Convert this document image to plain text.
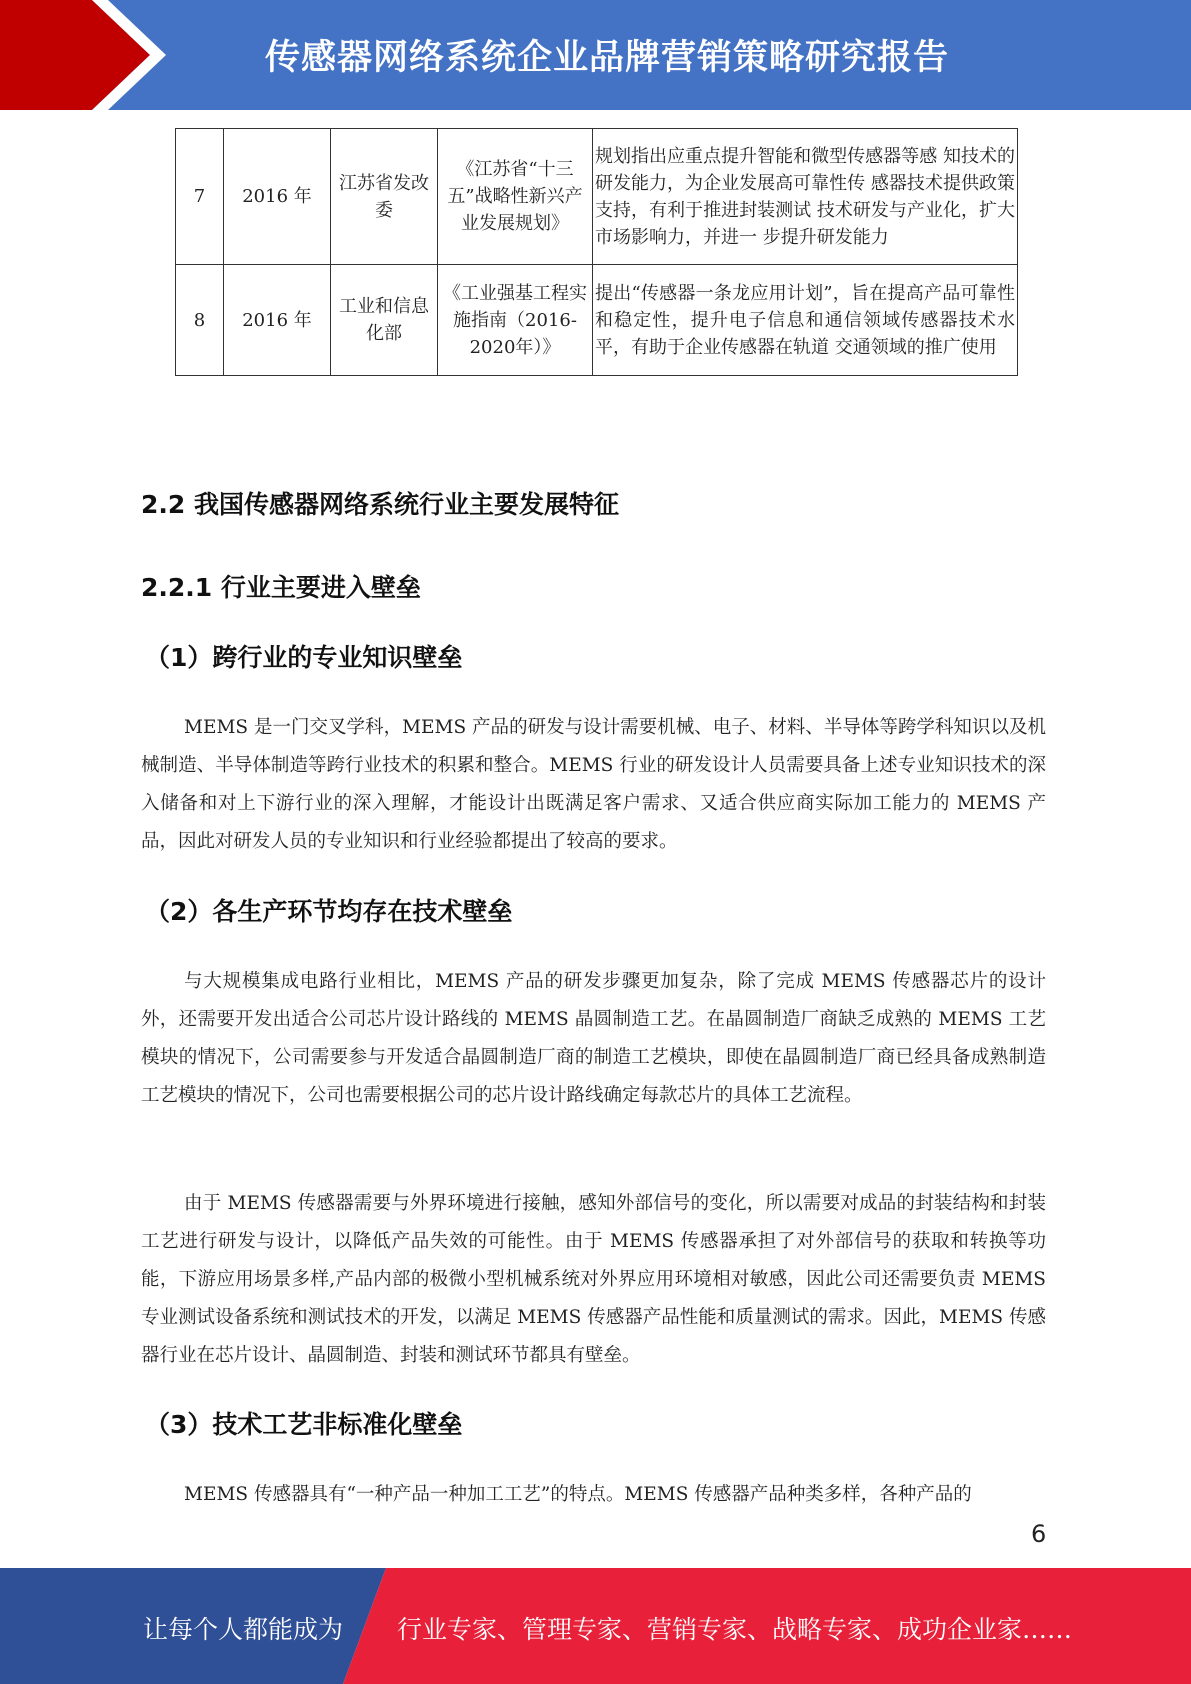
传感器网络系统企业品牌营销策略研究报告
7	2016 年	江苏省发改委	《江苏省“十三五”战略性新兴产业发展规划》	规划指出应重点提升智能和微型传感器等感 知技术的研发能力，为企业发展高可靠性传 感器技术提供政策支持，有利于推进封装测试 技术研发与产业化，扩大市场影响力，并进一 步提升研发能力
8	2016 年	工业和信息化部	《工业强基工程实施指南（2016-2020年）》	提出“传感器一条龙应用计划”，旨在提高产品可靠性和稳定性，提升电子信息和通信领域传感器技术水平，有助于企业传感器在轨道 交通领域的推广使用
2.2 我国传感器网络系统行业主要发展特征
2.2.1 行业主要进入壁垒
（1）跨行业的专业知识壁垒

MEMS 是一门交叉学科，MEMS 产品的研发与设计需要机械、电子、材料、半导体等跨学科知识以及机械制造、半导体制造等跨行业技术的积累和整合。MEMS 行业的研发设计人员需要具备上述专业知识技术的深入储备和对上下游行业的深入理解，才能设计出既满足客户需求、又适合供应商实际加工能力的 MEMS 产品，因此对研发人员的专业知识和行业经验都提出了较高的要求。

（2）各生产环节均存在技术壁垒

与大规模集成电路行业相比，MEMS 产品的研发步骤更加复杂，除了完成 MEMS 传感器芯片的设计外，还需要开发出适合公司芯片设计路线的 MEMS 晶圆制造工艺。在晶圆制造厂商缺乏成熟的 MEMS 工艺模块的情况下，公司需要参与开发适合晶圆制造厂商的制造工艺模块，即使在晶圆制造厂商已经具备成熟制造工艺模块的情况下，公司也需要根据公司的芯片设计路线确定每款芯片的具体工艺流程。

由于 MEMS 传感器需要与外界环境进行接触，感知外部信号的变化，所以需要对成品的封装结构和封装工艺进行研发与设计，以降低产品失效的可能性。由于 MEMS 传感器承担了对外部信号的获取和转换等功能，下游应用场景多样,产品内部的极微小型机械系统对外界应用环境相对敏感，因此公司还需要负责 MEMS 专业测试设备系统和测试技术的开发，以满足 MEMS 传感器产品性能和质量测试的需求。因此，MEMS 传感器行业在芯片设计、晶圆制造、封装和测试环节都具有壁垒。

（3）技术工艺非标准化壁垒

MEMS 传感器具有“一种产品一种加工工艺”的特点。MEMS 传感器产品种类多样，各种产品的

6
让每个人都能成为 行业专家、管理专家、营销专家、战略专家、成功企业家……
